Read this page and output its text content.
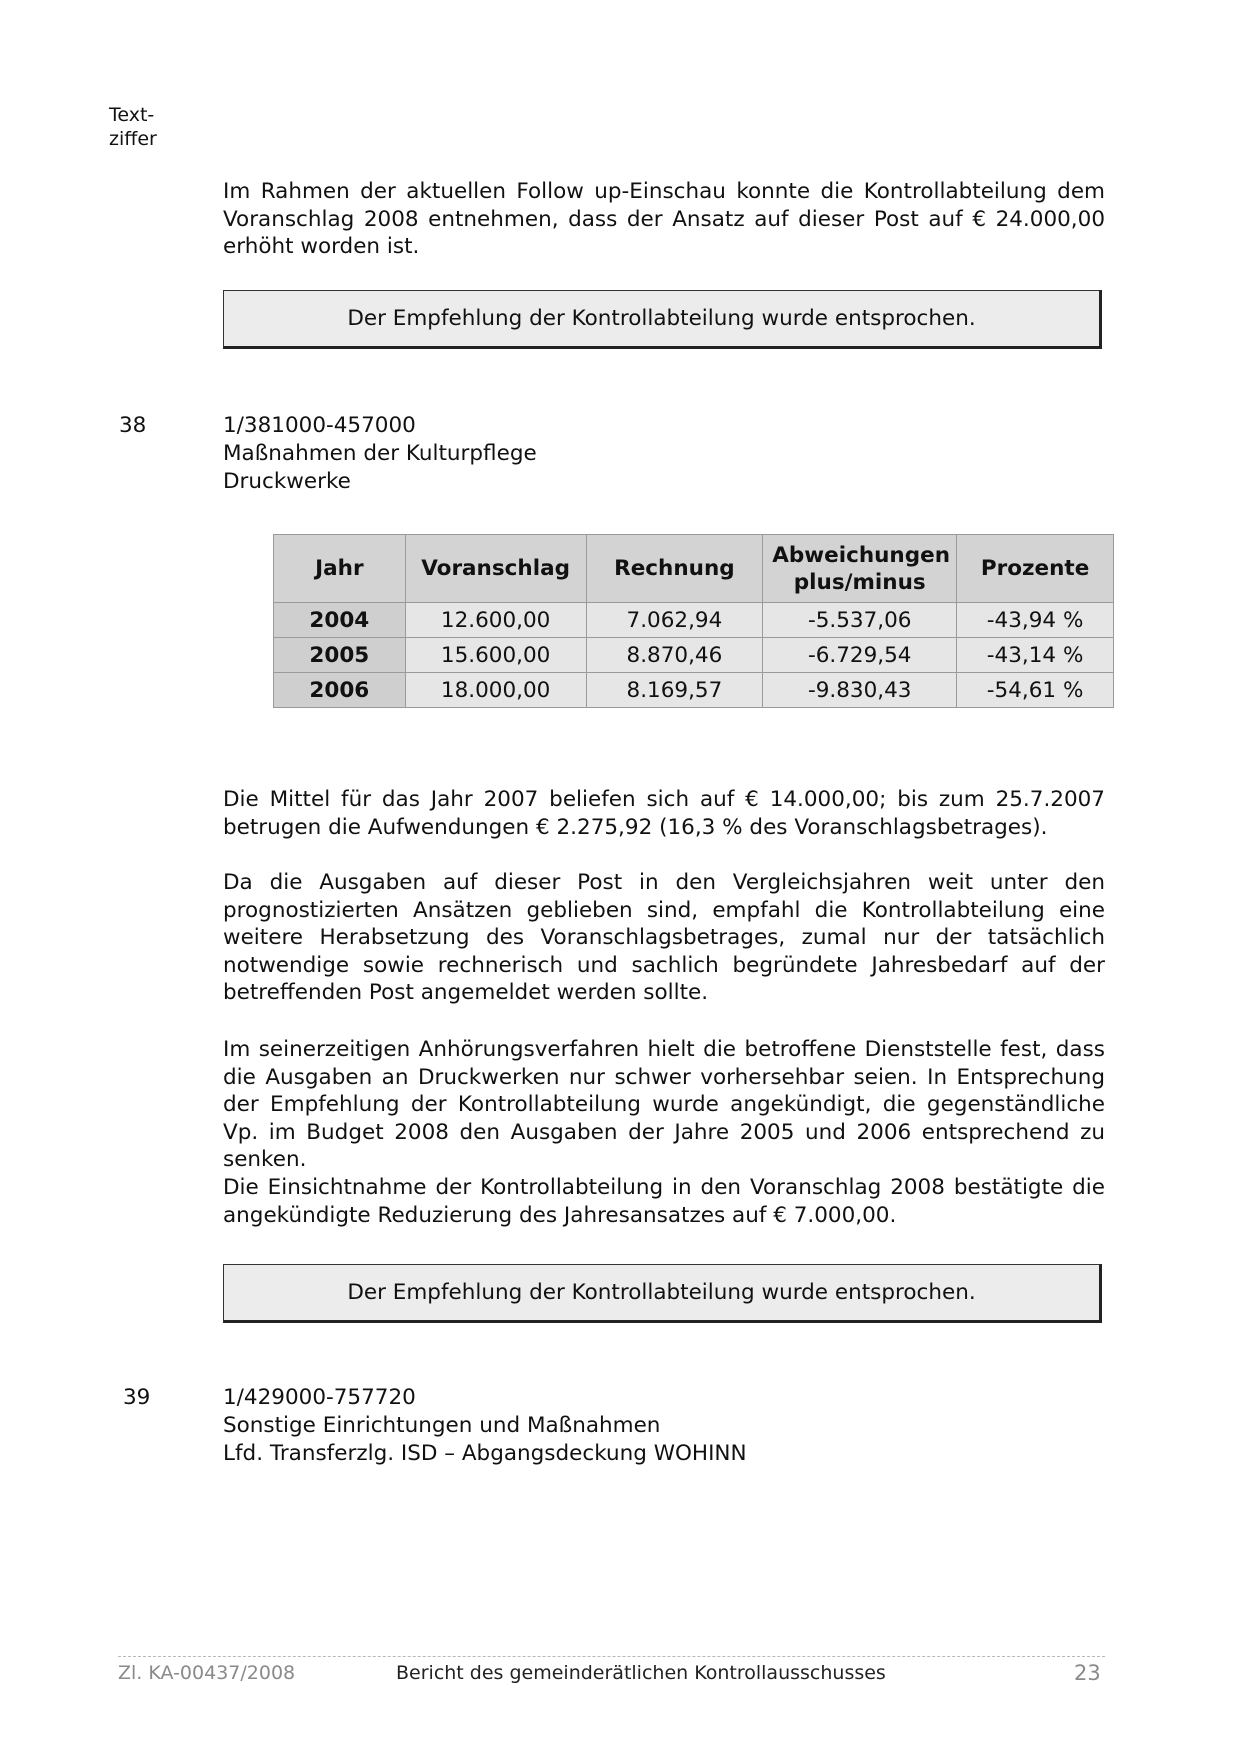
Text-
ziffer

Im Rahmen der aktuellen Follow up-Einschau konnte die Kontrollabteilung dem Voranschlag 2008 entnehmen, dass der Ansatz auf dieser Post auf € 24.000,00 erhöht worden ist.

Der Empfehlung der Kontrollabteilung wurde entsprochen.
38	1/381000-457000
Maßnahmen der Kulturpflege
Druckwerke
Jahr	Voranschlag	Rechnung	Abweichungen plus/minus	Prozente
2004	12.600,00	7.062,94	-5.537,06	-43,94 %
2005	15.600,00	8.870,46	-6.729,54	-43,14 %
2006	18.000,00	8.169,57	-9.830,43	-54,61 %

Die Mittel für das Jahr 2007 beliefen sich auf € 14.000,00; bis zum 25.7.2007 betrugen die Aufwendungen € 2.275,92 (16,3 % des Voranschlagsbetrages).

Da die Ausgaben auf dieser Post in den Vergleichsjahren weit unter den prognostizierten Ansätzen geblieben sind, empfahl die Kontrollabteilung eine weitere Herabsetzung des Voranschlagsbetrages, zumal nur der tatsächlich notwendige sowie rechnerisch und sachlich begründete Jahresbedarf auf der betreffenden Post angemeldet werden sollte.

Im seinerzeitigen Anhörungsverfahren hielt die betroffene Dienststelle fest, dass die Ausgaben an Druckwerken nur schwer vorhersehbar seien. In Entsprechung der Empfehlung der Kontrollabteilung wurde angekündigt, die gegenständliche Vp. im Budget 2008 den Ausgaben der Jahre 2005 und 2006 entsprechend zu senken.

Die Einsichtnahme der Kontrollabteilung in den Voranschlag 2008 bestätigte die angekündigte Reduzierung des Jahresansatzes auf € 7.000,00.

Der Empfehlung der Kontrollabteilung wurde entsprochen.
39	1/429000-757720
Sonstige Einrichtungen und Maßnahmen
Lfd. Transferzlg. ISD – Abgangsdeckung WOHINN
Zl. KA-00437/2008	Bericht des gemeinderätlichen Kontrollausschusses	23
